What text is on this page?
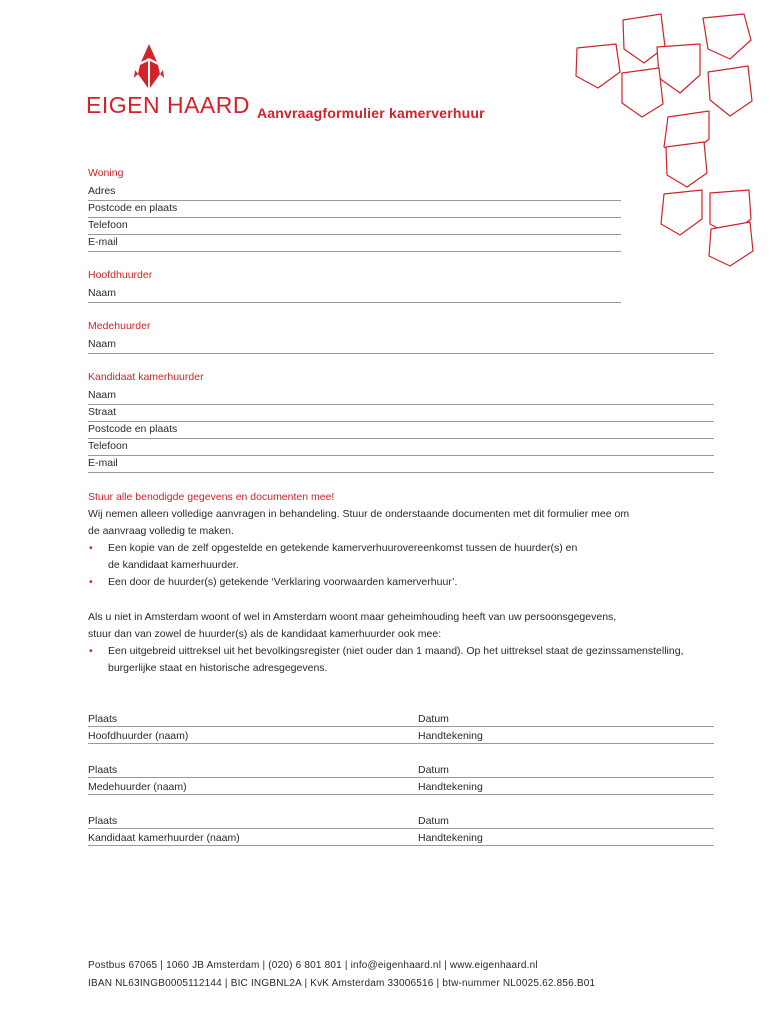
EIGEN HAARD Aanvraagformulier kamerverhuur
Woning
Adres
Postcode en plaats
Telefoon
E-mail
Hoofdhuurder
Naam
Medehuurder
Naam
Kandidaat kamerhuurder
Naam
Straat
Postcode en plaats
Telefoon
E-mail
Stuur alle benodigde gegevens en documenten mee!
Wij nemen alleen volledige aanvragen in behandeling. Stuur de onderstaande documenten met dit formulier mee om
de aanvraag volledig te maken.
• Een kopie van de zelf opgestelde en getekende kamerverhuurovereenkomst tussen de huurder(s) en
de kandidaat kamerhuurder.
• Een door de huurder(s) getekende ‘Verklaring voorwaarden kamerverhuur’.
Als u niet in Amsterdam woont of wel in Amsterdam woont maar geheimhouding heeft van uw persoonsgegevens,
stuur dan van zowel de huurder(s) als de kandidaat kamerhuurder ook mee:
• Een uitgebreid uittreksel uit het bevolkingsregister (niet ouder dan 1 maand). Op het uittreksel staat de gezinssamenstelling,
burgerlijke staat en historische adresgegevens.
Plaats	Datum
Hoofdhuurder (naam)	Handtekening
Plaats	Datum
Medehuurder (naam)	Handtekening
Plaats	Datum
Kandidaat kamerhuurder (naam)	Handtekening
Postbus 67065 | 1060 JB Amsterdam | (020) 6 801 801 | info@eigenhaard.nl | www.eigenhaard.nl
IBAN NL63INGB0005112144 | BIC INGBNL2A | KvK Amsterdam 33006516 | btw-nummer NL0025.62.856.B01
